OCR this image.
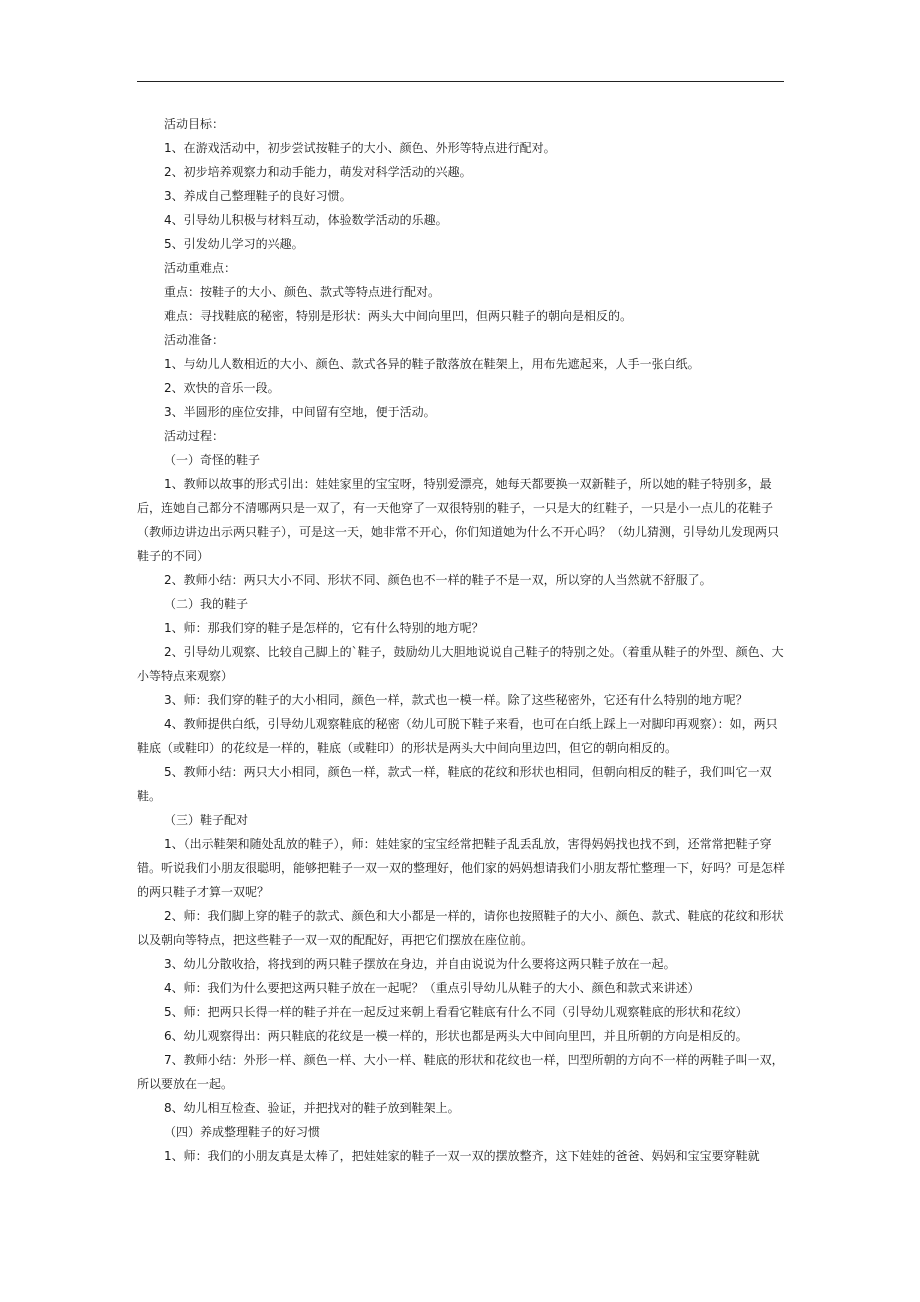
活动目标：

1、在游戏活动中，初步尝试按鞋子的大小、颜色、外形等特点进行配对。

2、初步培养观察力和动手能力，萌发对科学活动的兴趣。

3、养成自己整理鞋子的良好习惯。

4、引导幼儿积极与材料互动，体验数学活动的乐趣。

5、引发幼儿学习的兴趣。

活动重难点：

重点：按鞋子的大小、颜色、款式等特点进行配对。

难点：寻找鞋底的秘密，特别是形状：两头大中间向里凹，但两只鞋子的朝向是相反的。

活动准备：

1、与幼儿人数相近的大小、颜色、款式各异的鞋子散落放在鞋架上，用布先遮起来，人手一张白纸。

2、欢快的音乐一段。

3、半圆形的座位安排，中间留有空地，便于活动。

活动过程：

（一）奇怪的鞋子

1、教师以故事的形式引出：娃娃家里的宝宝呀，特别爱漂亮，她每天都要换一双新鞋子，所以她的鞋子特别多，最后，连她自己都分不清哪两只是一双了，有一天他穿了一双很特别的鞋子，一只是大的红鞋子，一只是小一点儿的花鞋子（教师边讲边出示两只鞋子），可是这一天，她非常不开心，你们知道她为什么不开心吗？（幼儿猜测，引导幼儿发现两只鞋子的不同）

2、教师小结：两只大小不同、形状不同、颜色也不一样的鞋子不是一双，所以穿的人当然就不舒服了。

（二）我的鞋子

1、师：那我们穿的鞋子是怎样的，它有什么特别的地方呢？

2、引导幼儿观察、比较自己脚上的`鞋子，鼓励幼儿大胆地说说自己鞋子的特别之处。（着重从鞋子的外型、颜色、大小等特点来观察）

3、师：我们穿的鞋子的大小相同，颜色一样，款式也一模一样。除了这些秘密外，它还有什么特别的地方呢？

4、教师提供白纸，引导幼儿观察鞋底的秘密（幼儿可脱下鞋子来看，也可在白纸上踩上一对脚印再观察）：如，两只鞋底（或鞋印）的花纹是一样的，鞋底（或鞋印）的形状是两头大中间向里边凹，但它的朝向相反的。

5、教师小结：两只大小相同，颜色一样，款式一样，鞋底的花纹和形状也相同，但朝向相反的鞋子，我们叫它一双鞋。

（三）鞋子配对

1、（出示鞋架和随处乱放的鞋子），师：娃娃家的宝宝经常把鞋子乱丢乱放，害得妈妈找也找不到，还常常把鞋子穿错。听说我们小朋友很聪明，能够把鞋子一双一双的整理好，他们家的妈妈想请我们小朋友帮忙整理一下，好吗？可是怎样的两只鞋子才算一双呢？

2、师：我们脚上穿的鞋子的款式、颜色和大小都是一样的，请你也按照鞋子的大小、颜色、款式、鞋底的花纹和形状以及朝向等特点，把这些鞋子一双一双的配配好，再把它们摆放在座位前。

3、幼儿分散收拾，将找到的两只鞋子摆放在身边，并自由说说为什么要将这两只鞋子放在一起。

4、师：我们为什么要把这两只鞋子放在一起呢？（重点引导幼儿从鞋子的大小、颜色和款式来讲述）

5、师：把两只长得一样的鞋子并在一起反过来朝上看看它鞋底有什么不同（引导幼儿观察鞋底的形状和花纹）

6、幼儿观察得出：两只鞋底的花纹是一模一样的，形状也都是两头大中间向里凹，并且所朝的方向是相反的。

7、教师小结：外形一样、颜色一样、大小一样、鞋底的形状和花纹也一样，凹型所朝的方向不一样的两鞋子叫一双，所以要放在一起。

8、幼儿相互检查、验证，并把找对的鞋子放到鞋架上。

（四）养成整理鞋子的好习惯

1、师：我们的小朋友真是太棒了，把娃娃家的鞋子一双一双的摆放整齐，这下娃娃的爸爸、妈妈和宝宝要穿鞋就
